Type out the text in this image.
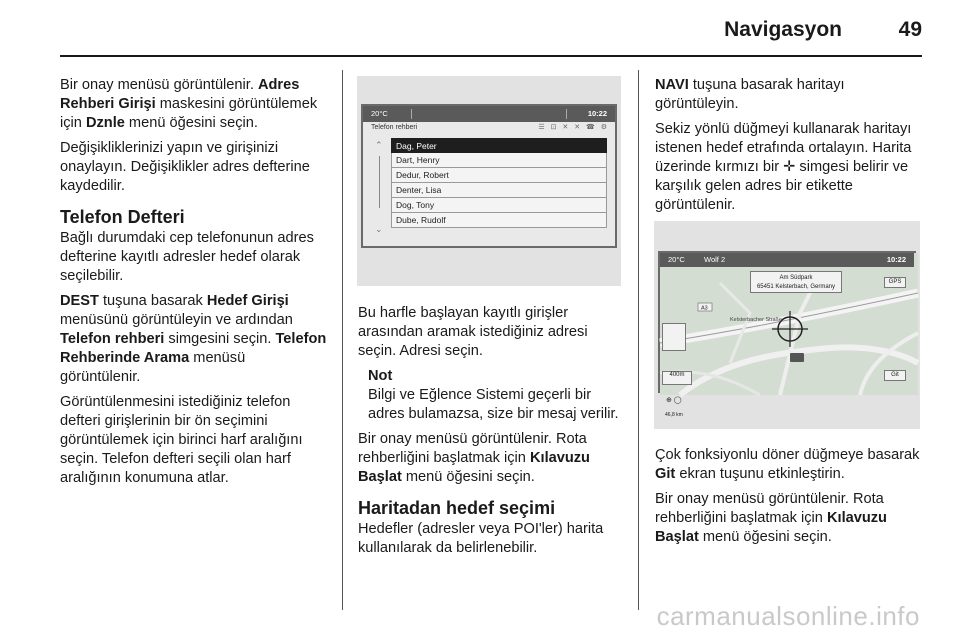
Navigasyon	49

Bir onay menüsü görüntülenir. Adres Rehberi Girişi maskesini görüntülemek için Dznle menü öğesini seçin.

Değişikliklerinizi yapın ve girişinizi onaylayın. Değişiklikler adres defterine kaydedilir.

Telefon Defteri

Bağlı durumdaki cep telefonunun adres defterine kayıtlı adresler hedef olarak seçilebilir.

DEST tuşuna basarak Hedef Girişi menüsünü görüntüleyin ve ardından Telefon rehberi simgesini seçin. Telefon Rehberinde Arama menüsü görüntülenir.

Görüntülenmesini istediğiniz telefon defteri girişlerinin bir ön seçimini görüntülemek için birinci harf aralığını seçin. Telefon defteri seçili olan harf aralığının konumuna atlar.

20°C	10:22
Telefon rehberi	☰ ⊡ ✕ ✕ ☎ ⚙
⌃
⌄
Dag, Peter
Dart, Henry
Dedur, Robert
Denter, Lisa
Dog, Tony
Dube, Rudolf

Bu harfle başlayan kayıtlı girişler arasından aramak istediğiniz adresi seçin. Adresi seçin.

Not
Bilgi ve Eğlence Sistemi geçerli bir adres bulamazsa, size bir mesaj verilir.

Bir onay menüsü görüntülenir. Rota rehberliğini başlatmak için Kılavuzu Başlat menü öğesini seçin.

Haritadan hedef seçimi

Hedefler (adresler veya POI'ler) harita kullanılarak da belirlenebilir.

NAVI tuşuna basarak haritayı görüntüleyin.

Sekiz yönlü düğmeyi kullanarak haritayı istenen hedef etrafında ortalayın. Harita üzerinde kırmızı bir ✛ simgesi belirir ve karşılık gelen adres bir etikette görüntülenir.

Kelsterbacher Straße
A3
20°C	Wolf 2	10:22
Am Südpark
65451 Kelsterbach, Germany
GPS
⊕ ◯
46,8 km
400m	Git

Çok fonksiyonlu döner düğmeye basarak Git ekran tuşunu etkinleştirin.

Bir onay menüsü görüntülenir. Rota rehberliğini başlatmak için Kılavuzu Başlat menü öğesini seçin.

carmanualsonline.info
